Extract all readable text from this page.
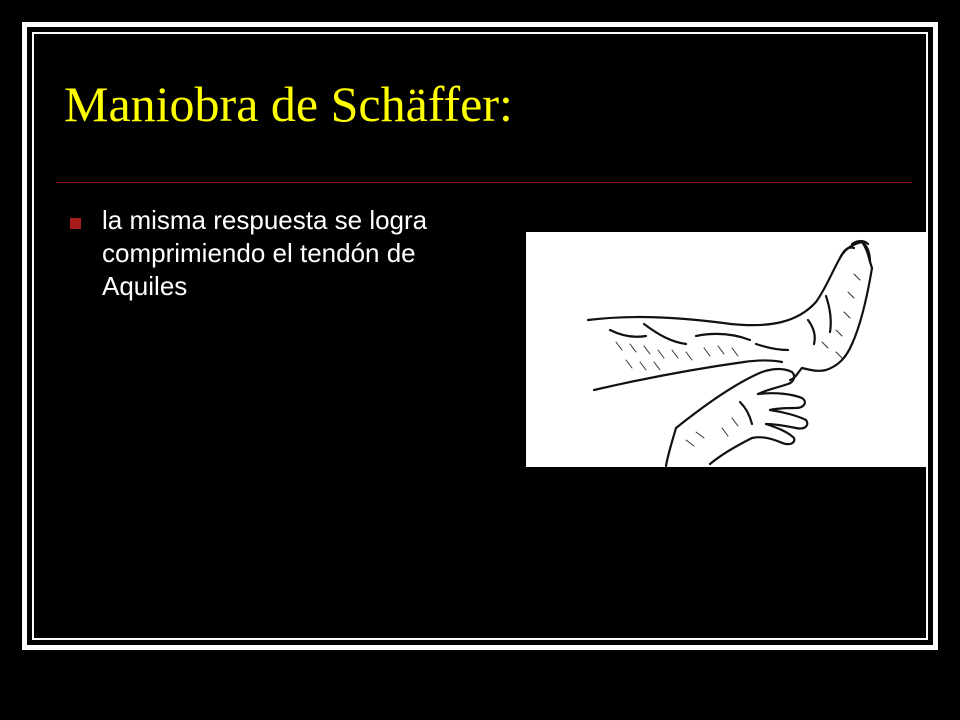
Maniobra de Schäffer:
la misma respuesta se logra comprimiendo el tendón de Aquiles
